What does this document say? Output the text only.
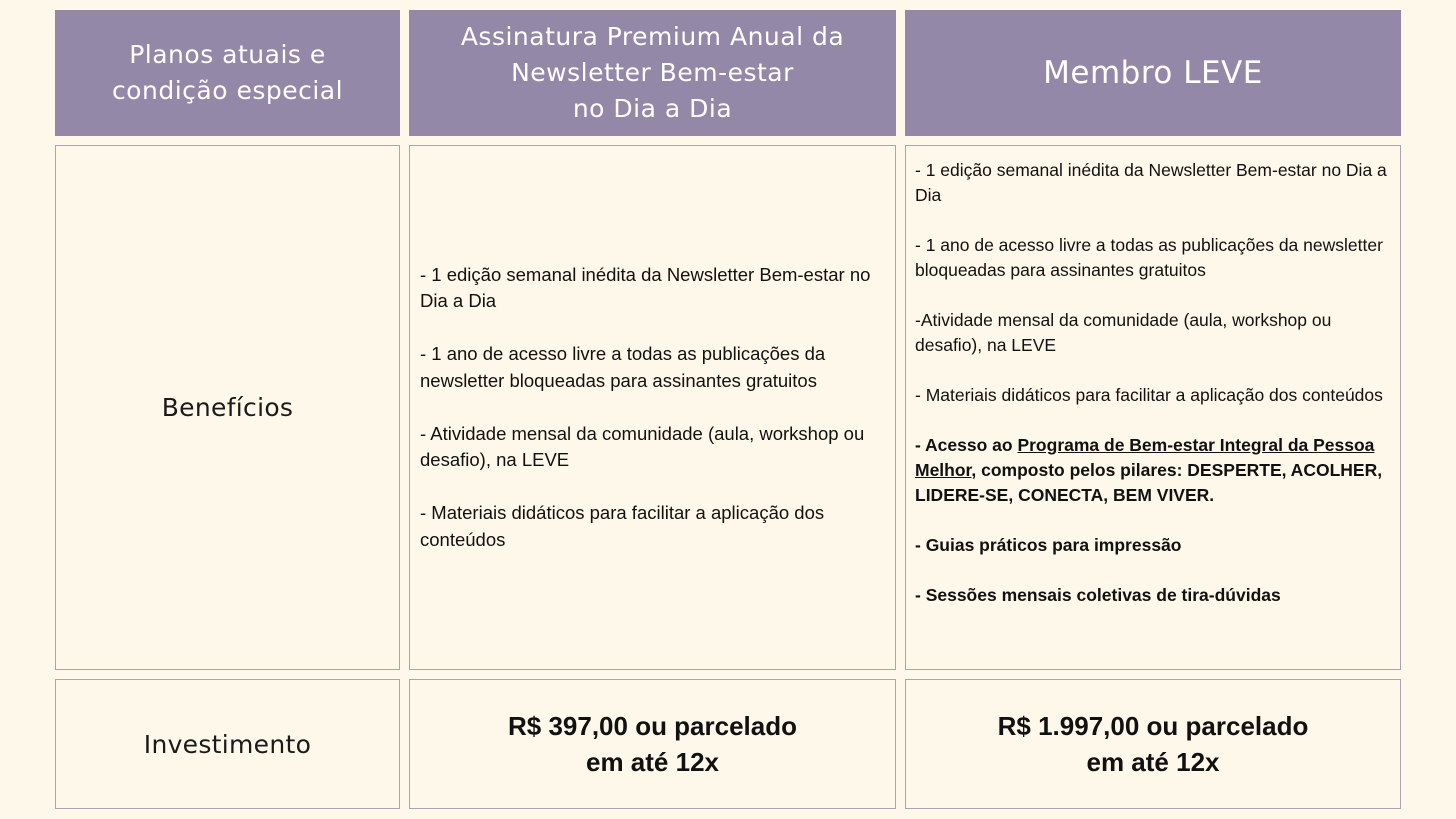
Planos atuais e condição especial
Assinatura Premium Anual da
Newsletter Bem-estar
no Dia a Dia
Membro LEVE
Benefícios

- 1 edição semanal inédita da Newsletter Bem-estar no Dia a Dia

- 1 ano de acesso livre a todas as publicações da newsletter bloqueadas para assinantes gratuitos

- Atividade mensal da comunidade (aula, workshop ou desafio), na LEVE

- Materiais didáticos para facilitar a aplicação dos conteúdos

- 1 edição semanal inédita da Newsletter Bem-estar no Dia a Dia

- 1 ano de acesso livre a todas as publicações da newsletter bloqueadas para assinantes gratuitos

-Atividade mensal da comunidade (aula, workshop ou desafio), na LEVE

- Materiais didáticos para facilitar a aplicação dos conteúdos

- Acesso ao Programa de Bem-estar Integral da Pessoa Melhor, composto pelos pilares: DESPERTE, ACOLHER, LIDERE-SE, CONECTA, BEM VIVER.

- Guias práticos para impressão

- Sessões mensais coletivas de tira-dúvidas

Investimento
R$ 397,00 ou parcelado
em até 12x
R$ 1.997,00 ou parcelado
em até 12x
